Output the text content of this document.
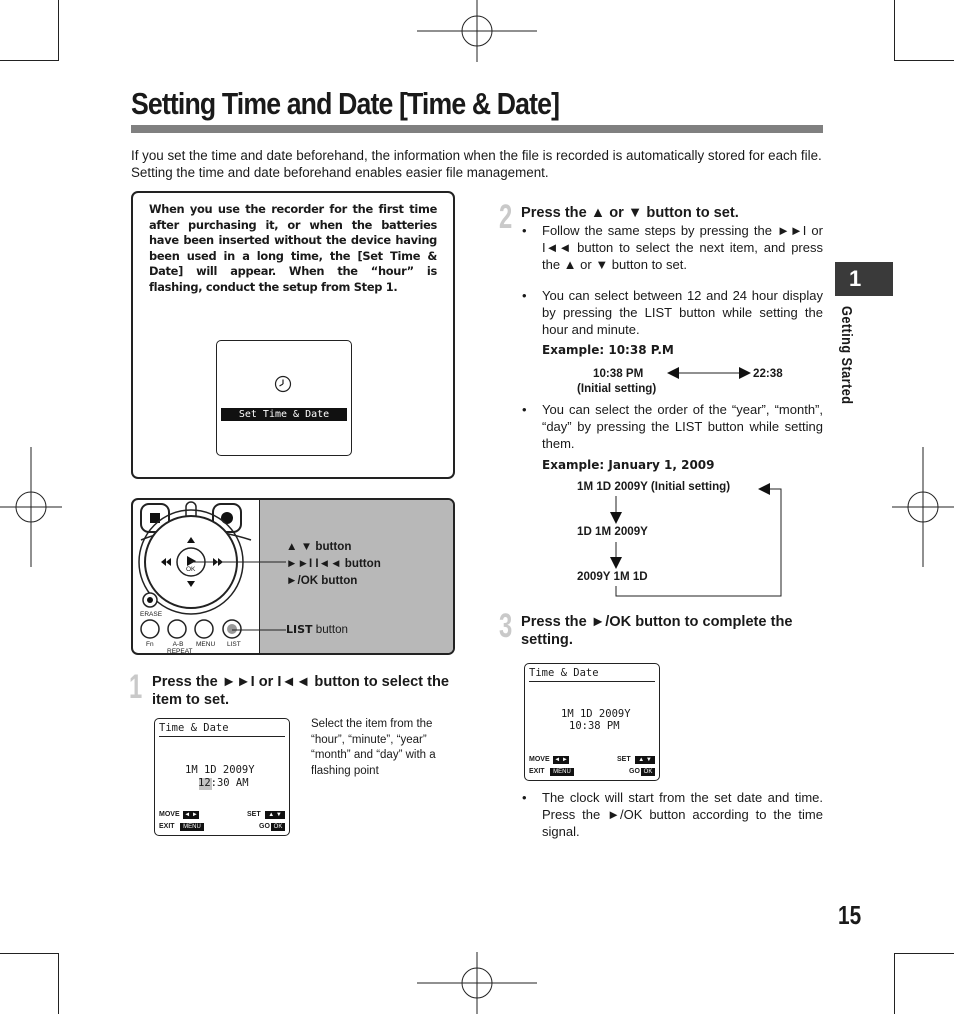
Setting Time and Date [Time & Date]
If you set the time and date beforehand, the information when the file is recorded is automatically stored for each file. Setting the time and date beforehand enables easier file management.
When you use the recorder for the first time after purchasing it, or when the batteries have been inserted without the device having been used in a long time, the [Set Time & Date] will appear. When the “hour” is flashing, conduct the setup from Step 1.
Set Time & Date
OK
ERASE
Fn	A-B REPEAT
MENU LIST
▲ ▼ button
►►I I◄◄ button
►/OK button
LIST button
1 Press the ►►I or I◄◄ button to select the item to set.
Time & Date
1M 1D 2009Y
12:30 AM
MOVE ◄ ►
EXIT	MENU
SET	▲ ▼
GO OK
Select the item from the “hour”, “minute”, “year” “month” and “day” with a flashing point
2 Press the ▲ or ▼ button to set.
• Follow the same steps by pressing the ►►I or I◄◄ button to select the next item, and press the ▲ or ▼ button to set.
• You can select between 12 and 24 hour display by pressing the LIST button while setting the hour and minute.
Example: 10:38 P.M
10:38 PM
(Initial setting)
22:38
• You can select the order of the “year”, “month”, “day” by pressing the LIST button while setting them.
Example: January 1, 2009
1M 1D 2009Y (Initial setting)
1D 1M 2009Y
2009Y 1M 1D
3 Press the ►/OK button to complete the setting.
Time & Date
1M 1D 2009Y
10:38 PM
MOVE ◄ ►
EXIT	MENU
SET	▲ ▼
GO OK
• The clock will start from the set date and time. Press the ►/OK button according to the time signal.
1
Getting Started
15
